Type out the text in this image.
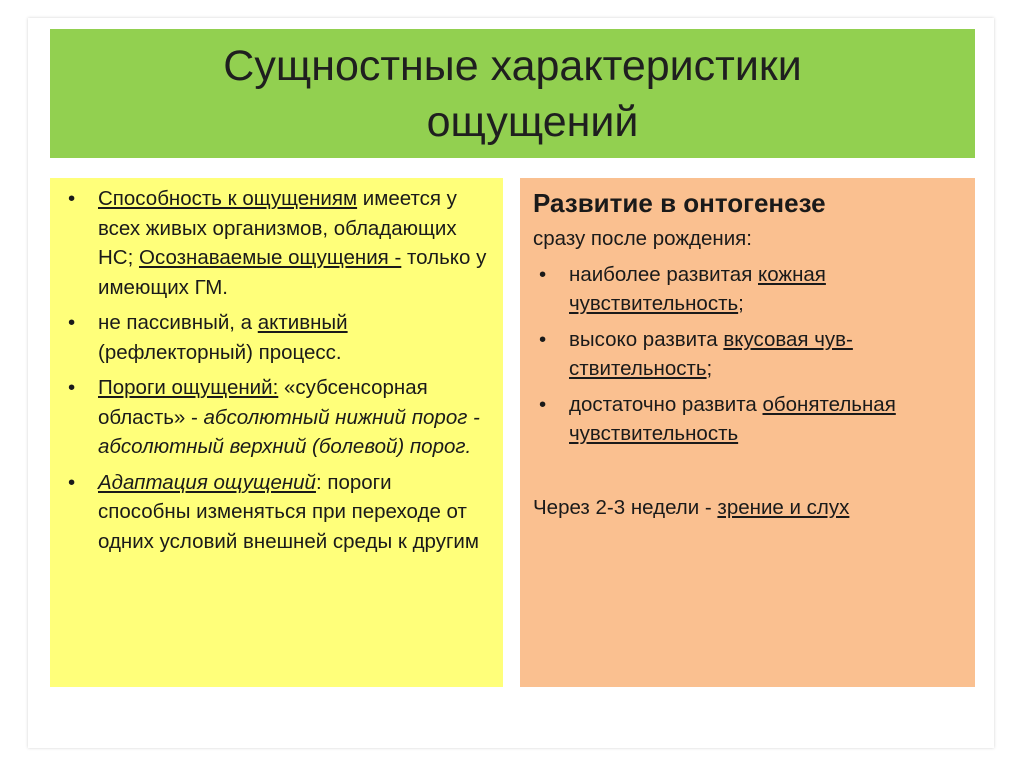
Сущностные характеристики
ощущений
• Способность к ощущениям имеется у всех живых организмов, обладающих НС; Осознаваемые ощущения - только у имеющих ГМ.
• не пассивный, а активный (рефлекторный) процесс.
• Пороги ощущений: «субсенсорная область» - абсолютный нижний порог - абсолютный верхний (болевой) порог.
• Адаптация ощущений: пороги способны изменяться при переходе от одних условий внешней среды к другим
Развитие в онтогенезе
сразу после рождения:
• наиболее развитая кожная чувствительность;
• высоко развита вкусовая чув-ствительность;
• достаточно развита обонятельная чувствительность
Через 2-3 недели - зрение и слух
